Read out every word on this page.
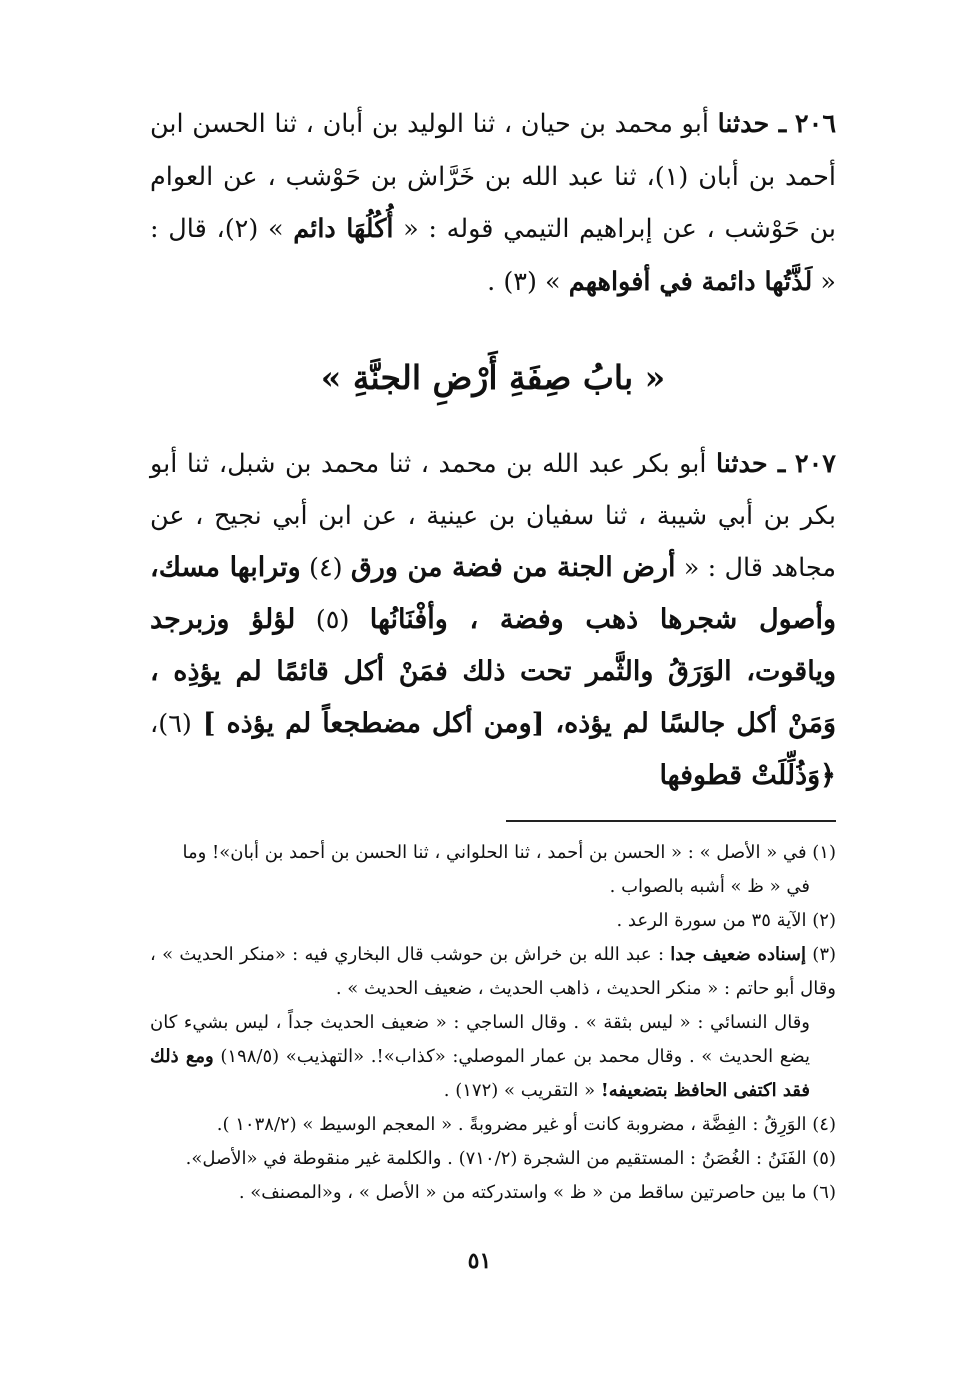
٢٠٦ ـ حدثنا أبو محمد بن حيان ، ثنا الوليد بن أبان ، ثنا الحسن ابن أحمد بن أبان (١)، ثنا عبد الله بن خَرَّاش بن حَوْشب ، عن العوام بن حَوْشب ، عن إبراهيم التيمي قوله : « أُكُلُهَا دائم » (٢)، قال : « لَذَّتُها دائمة في أفواههم » (٣) .

« بابُ صِفَةِ أَرْضِ الجنَّةِ »

٢٠٧ ـ حدثنا أبو بكر عبد الله بن محمد ، ثنا محمد بن شبل، ثنا أبو بكر بن أبي شيبة ، ثنا سفيان بن عينية ، عن ابن أبي نجيح ، عن مجاهد قال : « أرض الجنة من فضة من ورق (٤) وترابها مسك، وأصول شجرها ذهب وفضة ، وأفْنَانُها (٥) لؤلؤ وزبرجد وياقوت، الوَرَقُ والثَّمر تحت ذلك فمَنْ أكل قائمًا لم يؤذِه ، وَمَنْ أكل جالسًا لم يؤذه، [ومن أكل مضطجعاً لم يؤذه ] (٦)، ﴿وَذُلِّلَتْ قطوفها

(١) في « الأصل » : « الحسن بن أحمد ، ثنا الحلواني ، ثنا الحسن بن أحمد بن أبان»! وما
في « ظ » أشبه بالصواب .

(٢) الآية ٣٥ من سورة الرعد .

(٣) إسناده ضعيف جدا : عبد الله بن خراش بن حوشب قال البخاري فيه : «منكر الحديث » ، وقال أبو حاتم : « منكر الحديث ، ذاهب الحديث ، ضعيف الحديث » .
وقال النسائي : « ليس بثقة » . وقال الساجي : « ضعيف الحديث جداً ، ليس بشيء كان يضع الحديث » . وقال محمد بن عمار الموصلي: «كذاب»!. «التهذيب» (١٩٨/٥) ومع ذلك فقد اكتفى الحافظ بتضعيفه! « التقريب » (١٧٢) .

(٤) الوَرِقُ : الفِضَّة ، مضروبة كانت أو غير مضروبةً . « المعجم الوسيط » (١٠٣٨/٢ ).

(٥) الفَنَنُ : الغُصَنُ : المستقيم من الشجرة (٧١٠/٢) . والكلمة غير منقوطة في «الأصل».

(٦) ما بين حاصرتين ساقط من « ظ » واستدركته من « الأصل » ، و«المصنف» .

٥١
